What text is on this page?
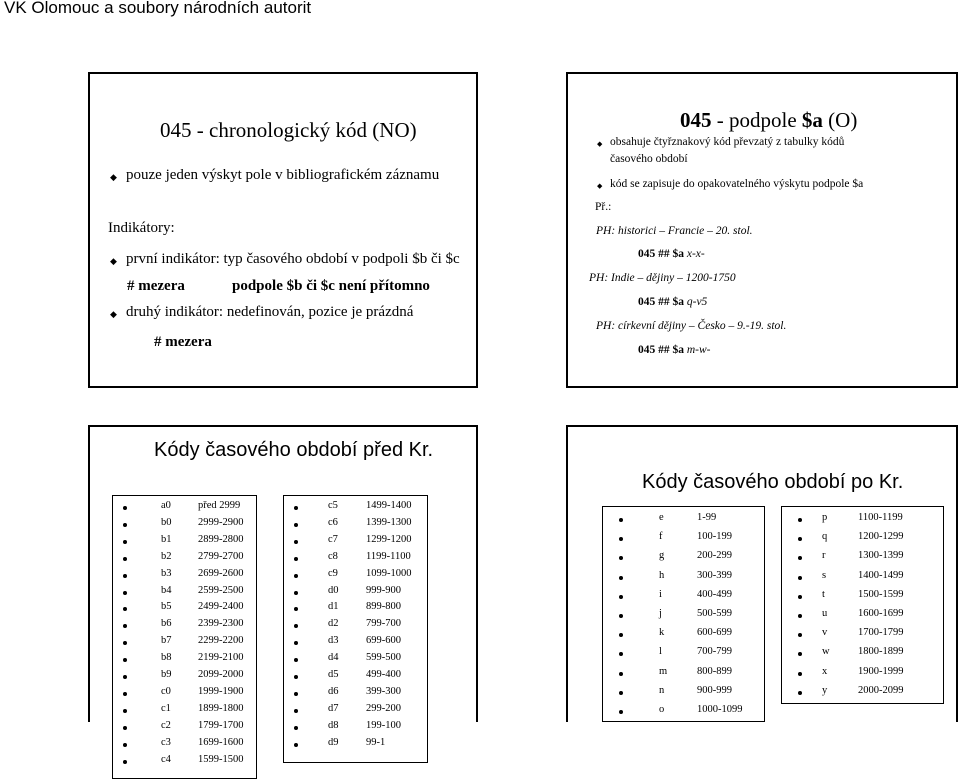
VK Olomouc a soubory národních autorit
045 - chronologický kód (NO)
◆ pouze jeden výskyt pole v bibliografickém záznamu
Indikátory:
◆ první indikátor: typ časového období v podpoli $b či $c
# mezera	podpole $b či $c není přítomno
◆ druhý indikátor: nedefinován, pozice je prázdná
# mezera
045 - podpole $a (O)
◆ obsahuje čtyřznakový kód převzatý z tabulky kódů
časového období
◆ kód se zapisuje do opakovatelného výskytu podpole $a
Př.:
PH: historici – Francie – 20. stol.
045 ## $a x-x-
PH: Indie – dějiny – 1200-1750
045 ## $a q-v5
PH: církevní dějiny – Česko – 9.-19. stol.
045 ## $a m-w-
Kódy časového období před Kr.
a0	před 2999
b0	2999-2900
b1	2899-2800
b2	2799-2700
b3	2699-2600
b4	2599-2500
b5	2499-2400
b6	2399-2300
b7	2299-2200
b8	2199-2100
b9	2099-2000
c0	1999-1900
c1	1899-1800
c2	1799-1700
c3	1699-1600
c4	1599-1500
c5	1499-1400
c6	1399-1300
c7	1299-1200
c8	1199-1100
c9	1099-1000
d0	999-900
d1	899-800
d2	799-700
d3	699-600
d4	599-500
d5	499-400
d6	399-300
d7	299-200
d8	199-100
d9	99-1
Kódy časového období po Kr.
e	1-99
f	100-199
g	200-299
h	300-399
i	400-499
j	500-599
k	600-699
l	700-799
m	800-899
n	900-999
o	1000-1099
p	1100-1199
q	1200-1299
r	1300-1399
s	1400-1499
t	1500-1599
u	1600-1699
v	1700-1799
w	1800-1899
x	1900-1999
y	2000-2099
